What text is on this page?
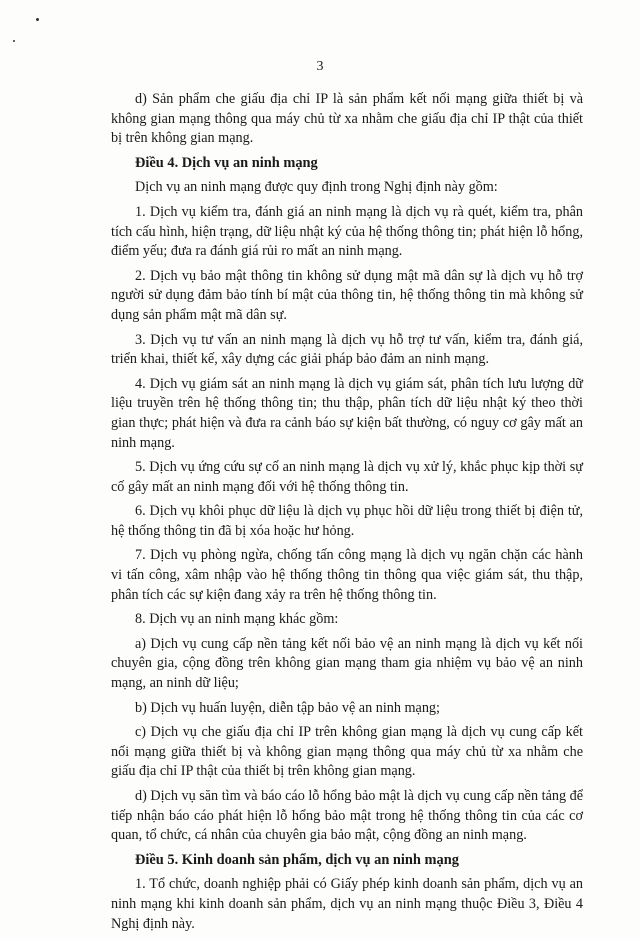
3

d) Sản phẩm che giấu địa chỉ IP là sản phẩm kết nối mạng giữa thiết bị và không gian mạng thông qua máy chủ từ xa nhằm che giấu địa chỉ IP thật của thiết bị trên không gian mạng.

Điều 4. Dịch vụ an ninh mạng

Dịch vụ an ninh mạng được quy định trong Nghị định này gồm:

1. Dịch vụ kiểm tra, đánh giá an ninh mạng là dịch vụ rà quét, kiểm tra, phân tích cấu hình, hiện trạng, dữ liệu nhật ký của hệ thống thông tin; phát hiện lỗ hổng, điểm yếu; đưa ra đánh giá rủi ro mất an ninh mạng.

2. Dịch vụ bảo mật thông tin không sử dụng mật mã dân sự là dịch vụ hỗ trợ người sử dụng đảm bảo tính bí mật của thông tin, hệ thống thông tin mà không sử dụng sản phẩm mật mã dân sự.

3. Dịch vụ tư vấn an ninh mạng là dịch vụ hỗ trợ tư vấn, kiểm tra, đánh giá, triển khai, thiết kế, xây dựng các giải pháp bảo đảm an ninh mạng.

4. Dịch vụ giám sát an ninh mạng là dịch vụ giám sát, phân tích lưu lượng dữ liệu truyền trên hệ thống thông tin; thu thập, phân tích dữ liệu nhật ký theo thời gian thực; phát hiện và đưa ra cảnh báo sự kiện bất thường, có nguy cơ gây mất an ninh mạng.

5. Dịch vụ ứng cứu sự cố an ninh mạng là dịch vụ xử lý, khắc phục kịp thời sự cố gây mất an ninh mạng đối với hệ thống thông tin.

6. Dịch vụ khôi phục dữ liệu là dịch vụ phục hồi dữ liệu trong thiết bị điện tử, hệ thống thông tin đã bị xóa hoặc hư hỏng.

7. Dịch vụ phòng ngừa, chống tấn công mạng là dịch vụ ngăn chặn các hành vi tấn công, xâm nhập vào hệ thống thông tin thông qua việc giám sát, thu thập, phân tích các sự kiện đang xảy ra trên hệ thống thông tin.

8. Dịch vụ an ninh mạng khác gồm:

a) Dịch vụ cung cấp nền tảng kết nối bảo vệ an ninh mạng là dịch vụ kết nối chuyên gia, cộng đồng trên không gian mạng tham gia nhiệm vụ bảo vệ an ninh mạng, an ninh dữ liệu;

b) Dịch vụ huấn luyện, diễn tập bảo vệ an ninh mạng;

c) Dịch vụ che giấu địa chỉ IP trên không gian mạng là dịch vụ cung cấp kết nối mạng giữa thiết bị và không gian mạng thông qua máy chủ từ xa nhằm che giấu địa chỉ IP thật của thiết bị trên không gian mạng.

d) Dịch vụ săn tìm và báo cáo lỗ hổng bảo mật là dịch vụ cung cấp nền tảng để tiếp nhận báo cáo phát hiện lỗ hổng bảo mật trong hệ thống thông tin của các cơ quan, tổ chức, cá nhân của chuyên gia bảo mật, cộng đồng an ninh mạng.

Điều 5. Kinh doanh sản phẩm, dịch vụ an ninh mạng

1. Tổ chức, doanh nghiệp phải có Giấy phép kinh doanh sản phẩm, dịch vụ an ninh mạng khi kinh doanh sản phẩm, dịch vụ an ninh mạng thuộc Điều 3, Điều 4 Nghị định này.
